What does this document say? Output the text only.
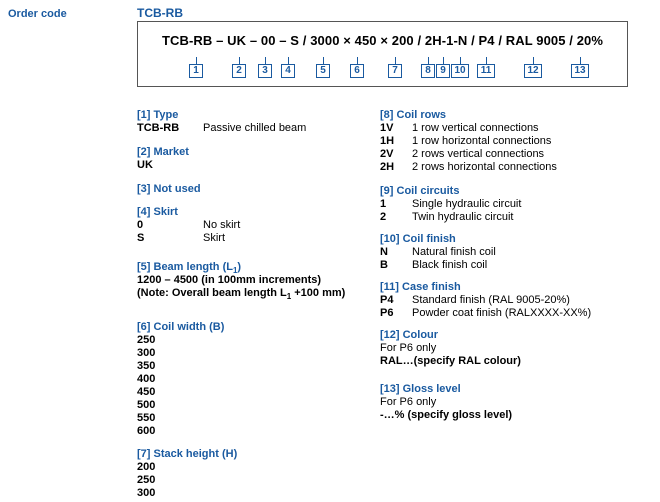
Order code	TCB-RB
TCB-RB – UK – 00 – S / 3000 × 450 × 200 / 2H-1-N / P4 / RAL 9005 / 20%
1	2	3	4	5	6	7	8 9 10	11	12	13
[1] Type
TCB-RB	Passive chilled beam
[2] Market
UK
[3] Not used
[4] Skirt
0	No skirt
S	Skirt
[5] Beam length $(L_1)$
1200 – 4500 (in 100mm increments)
(Note: Overall beam length $L_1 +100$ mm)
[6] Coil width (B)
250
300
350
400
450
500
550
600
[7] Stack height (H)
200
250
300
[8] Coil rows
1V	1 row vertical connections
1H	1 row horizontal connections
2V	2 rows vertical connections
2H	2 rows horizontal connections
[9] Coil circuits
1	Single hydraulic circuit
2	Twin hydraulic circuit
[10] Coil finish
N	Natural finish coil
B	Black finish coil
[11] Case finish
P4	Standard finish (RAL 9005-20%)
P6	Powder coat finish (RALXXXX-XX%)
[12] Colour
For P6 only
RAL…(specify RAL colour)
[13] Gloss level
For P6 only
-…% (specify gloss level)
